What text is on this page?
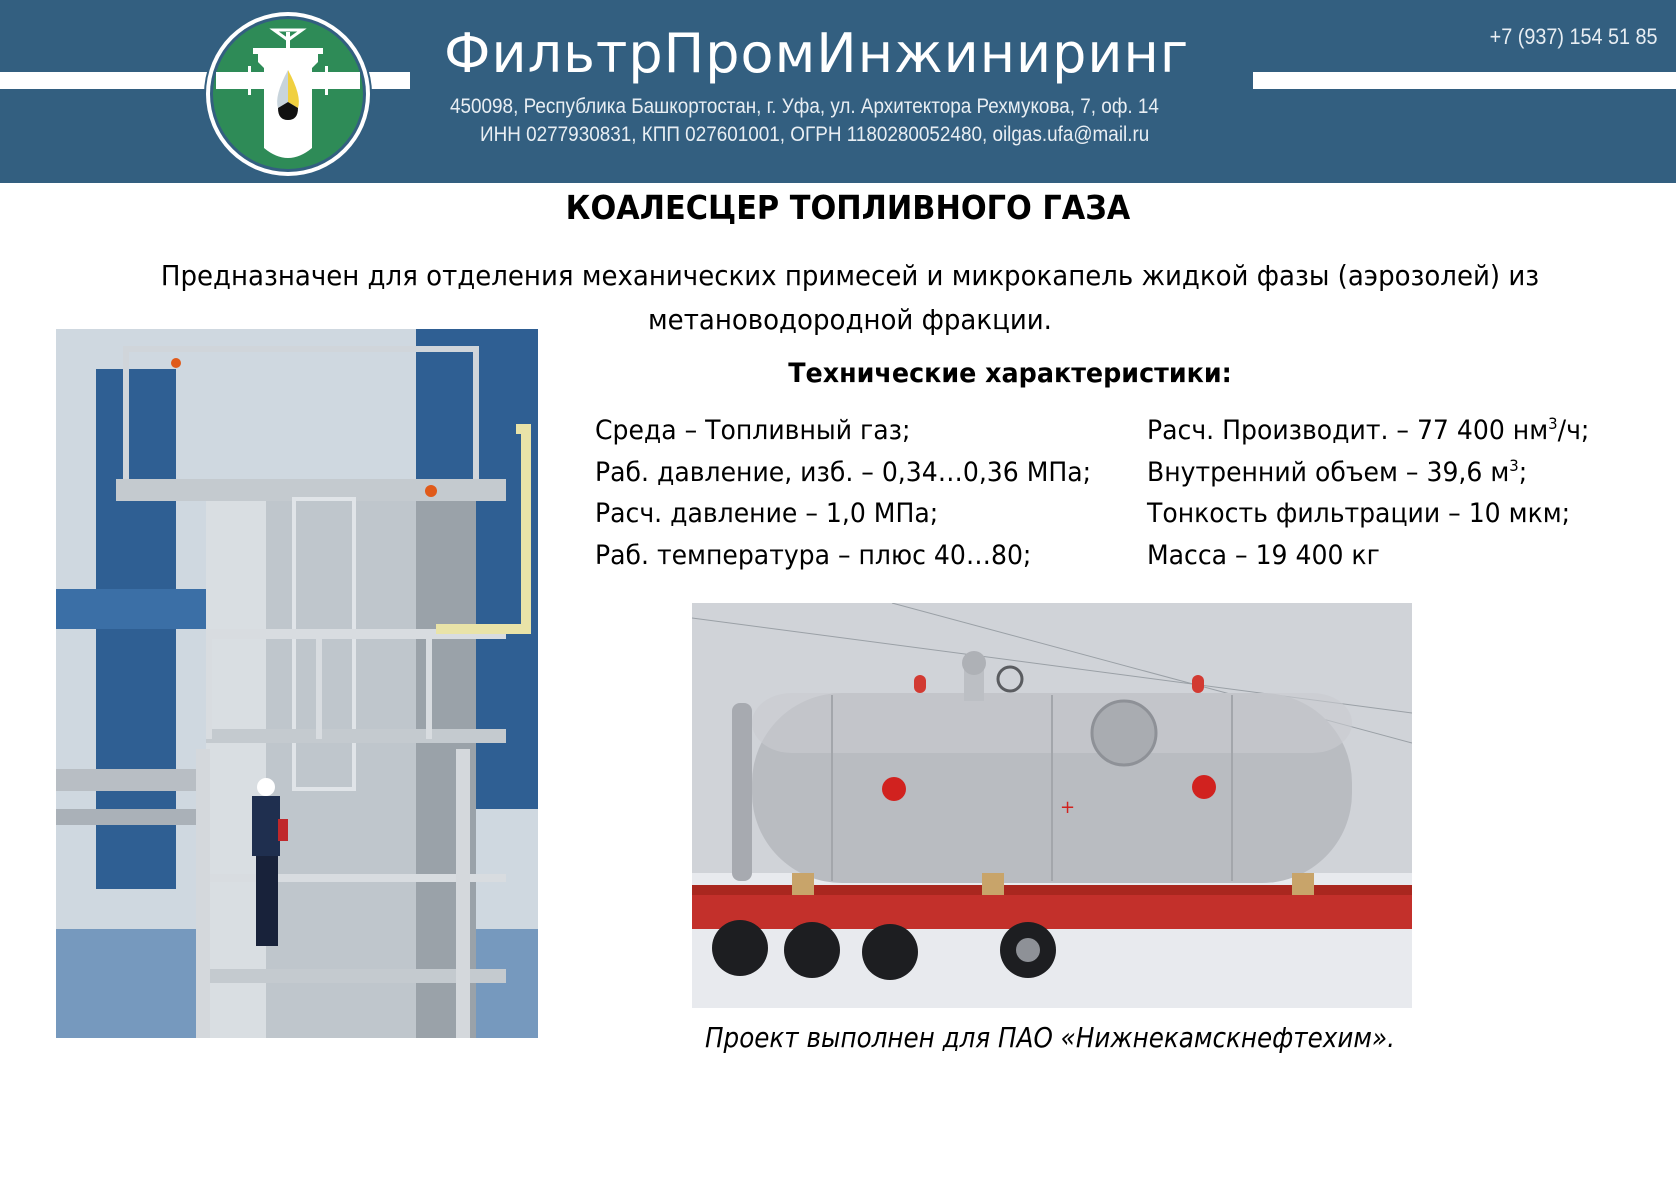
ФильтрПромИнжиниринг
450098, Республика Башкортостан, г. Уфа, ул. Архитектора Рехмукова, 7, оф. 14
ИНН 0277930831, КПП 027601001, ОГРН 1180280052480, oilgas.ufa@mail.ru
+7 (937) 154 51 85
КОАЛЕСЦЕР ТОПЛИВНОГО ГАЗА
Предназначен для отделения механических примесей и микрокапель жидкой фазы (аэрозолей) из
метановодородной фракции.
+
Технические характеристики:
Среда – Топливный газ;
Раб. давление, изб. – 0,34…0,36 МПа;
Расч. давление – 1,0 МПа;
Раб. температура – плюс 40…80;
Расч. Производит. – 77 400 $нм^3/ч$;
Внутренний объем – 39,6 $м^3$;
Тонкость фильтрации – 10 мкм;
Масса – 19 400 кг
Проект выполнен для ПАО «Нижнекамскнефтехим».
